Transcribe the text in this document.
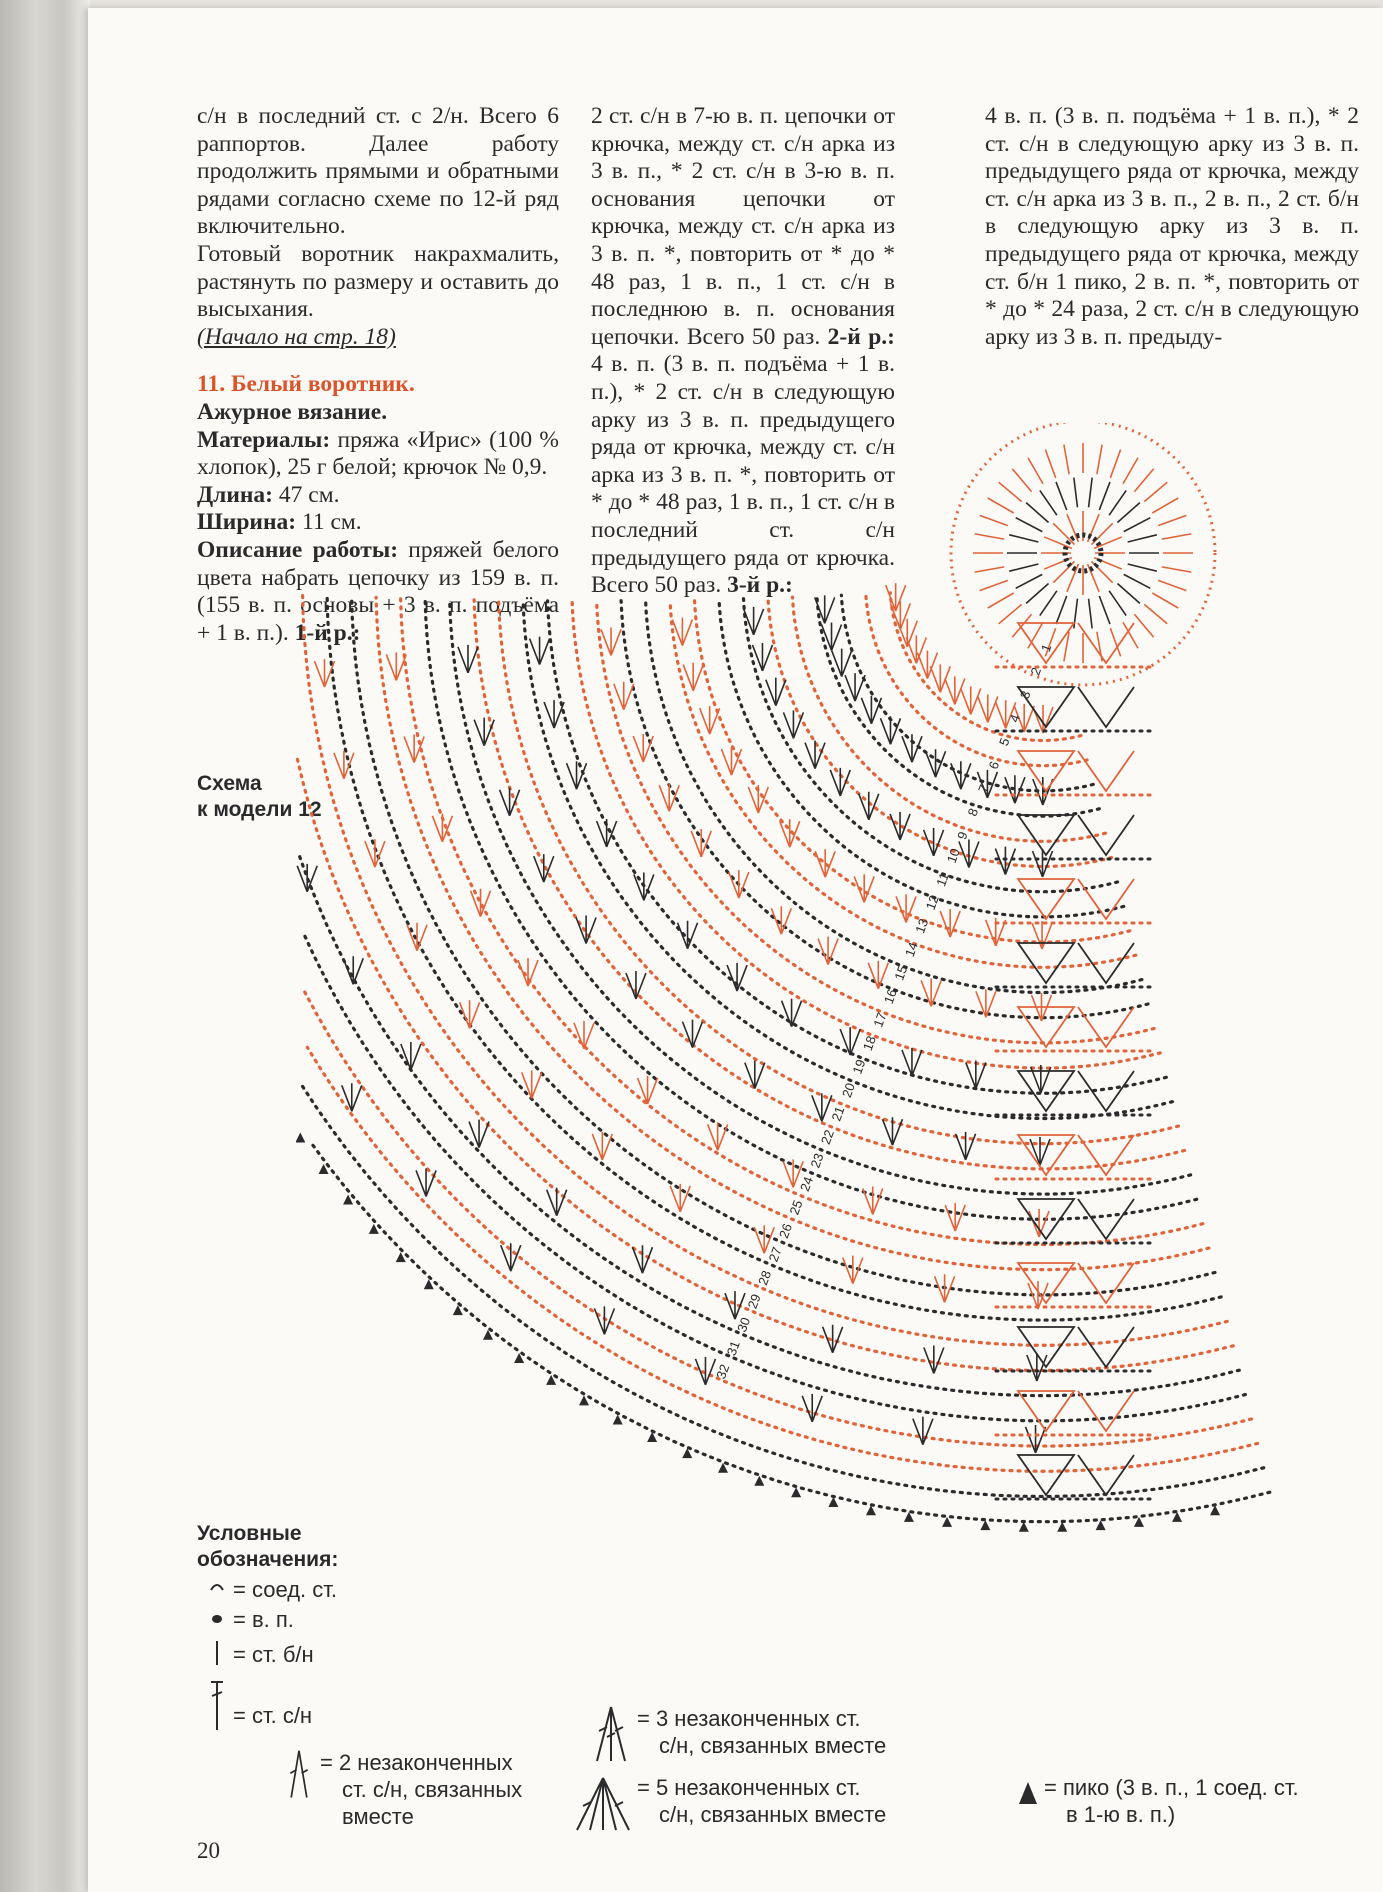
с/н в последний ст. с 2/н. Всего 6 раппортов. Далее работу продолжить прямыми и обратными рядами согласно схеме по 12-й ряд включительно.

Готовый воротник накрахмалить, растянуть по размеру и оставить до высыхания.

(Начало на стр. 18)

11. Белый воротник.

Ажурное вязание.

Материалы: пряжа «Ирис» (100 % хлопок), 25 г белой; крючок № 0,9.

Длина: 47 см.

Ширина: 11 см.

Описание работы: пряжей белого цвета набрать цепочку из 159 в. п. (155 в. п. основы + 3 в. п. подъёма + 1 в. п.). 1-й р.:

2 ст. с/н в 7-ю в. п. цепочки от крючка, между ст. с/н арка из 3 в. п., * 2 ст. с/н в 3-ю в. п. основания цепочки от крючка, между ст. с/н арка из 3 в. п. *, повторить от * до * 48 раз, 1 в. п., 1 ст. с/н в последнюю в. п. основания цепочки. Всего 50 раз. 2-й р.: 4 в. п. (3 в. п. подъёма + 1 в. п.), * 2 ст. с/н в следующую арку из 3 в. п. предыдущего ряда от крючка, между ст. с/н арка из 3 в. п. *, повторить от * до * 48 раз, 1 в. п., 1 ст. с/н в последний ст. с/н предыдущего ряда от крючка. Всего 50 раз. 3-й р.:

4 в. п. (3 в. п. подъёма + 1 в. п.), * 2 ст. с/н в следующую арку из 3 в. п. предыдущего ряда от крючка, между ст. с/н арка из 3 в. п., 2 в. п., 2 ст. б/н в следующую арку из 3 в. п. предыдущего ряда от крючка, между ст. б/н 1 пико, 2 в. п. *, повторить от * до * 24 раза, 2 ст. с/н в следующую арку из 3 в. п. предыду-

Схема
к модели 12
1
2
3
4
5
6
7
8
9
10
11
12
13
14
15
16
17
18
19
20
21
22
23
24
25
26
27
28
29
30
31
32
Условные
обозначения:
= соед. ст.
= в. п.
= ст. б/н
= ст. с/н
= 2 незаконченных
ст. с/н, связанных
вместе
= 3 незаконченных ст.
с/н, связанных вместе
= 5 незаконченных ст.
с/н, связанных вместе
= пико (3 в. п., 1 соед. ст.
в 1-ю в. п.)
20
